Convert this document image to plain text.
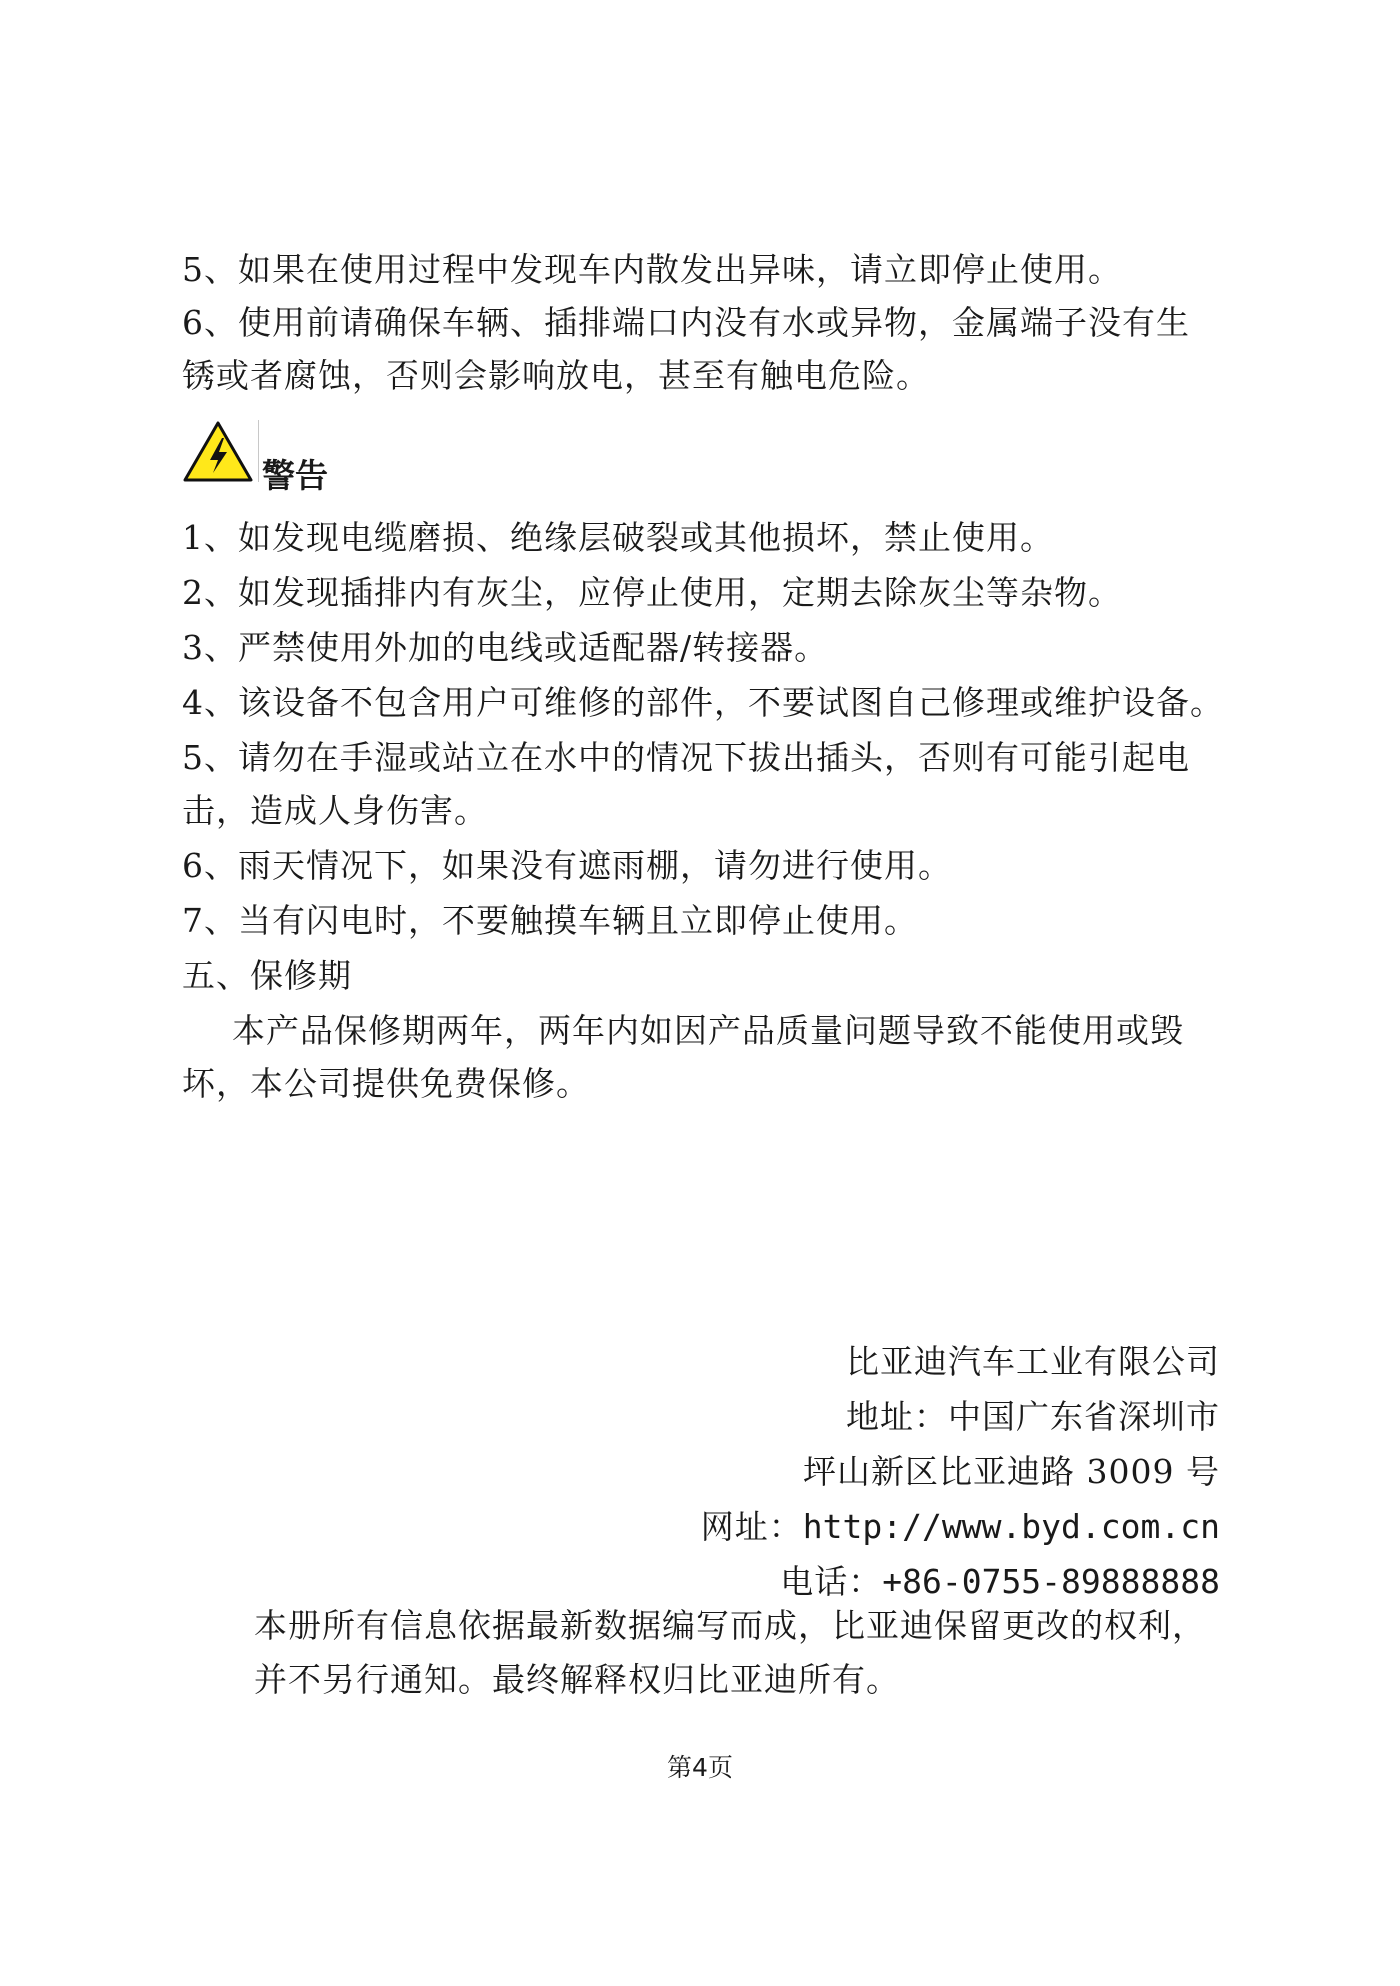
5、如果在使用过程中发现车内散发出异味，请立即停止使用。
6、使用前请确保车辆、插排端口内没有水或异物，金属端子没有生
锈或者腐蚀，否则会影响放电，甚至有触电危险。
警告
1、如发现电缆磨损、绝缘层破裂或其他损坏，禁止使用。
2、如发现插排内有灰尘，应停止使用，定期去除灰尘等杂物。
3、严禁使用外加的电线或适配器/转接器。
4、该设备不包含用户可维修的部件，不要试图自己修理或维护设备。
5、请勿在手湿或站立在水中的情况下拔出插头，否则有可能引起电
击，造成人身伤害。
6、雨天情况下，如果没有遮雨棚，请勿进行使用。
7、当有闪电时，不要触摸车辆且立即停止使用。
五、保修期
本产品保修期两年，两年内如因产品质量问题导致不能使用或毁
坏，本公司提供免费保修。
比亚迪汽车工业有限公司
地址：中国广东省深圳市
坪山新区比亚迪路 3009 号
网址：http://www.byd.com.cn
电话：+86-0755-89888888
本册所有信息依据最新数据编写而成，比亚迪保留更改的权利，
并不另行通知。最终解释权归比亚迪所有。
第4页
